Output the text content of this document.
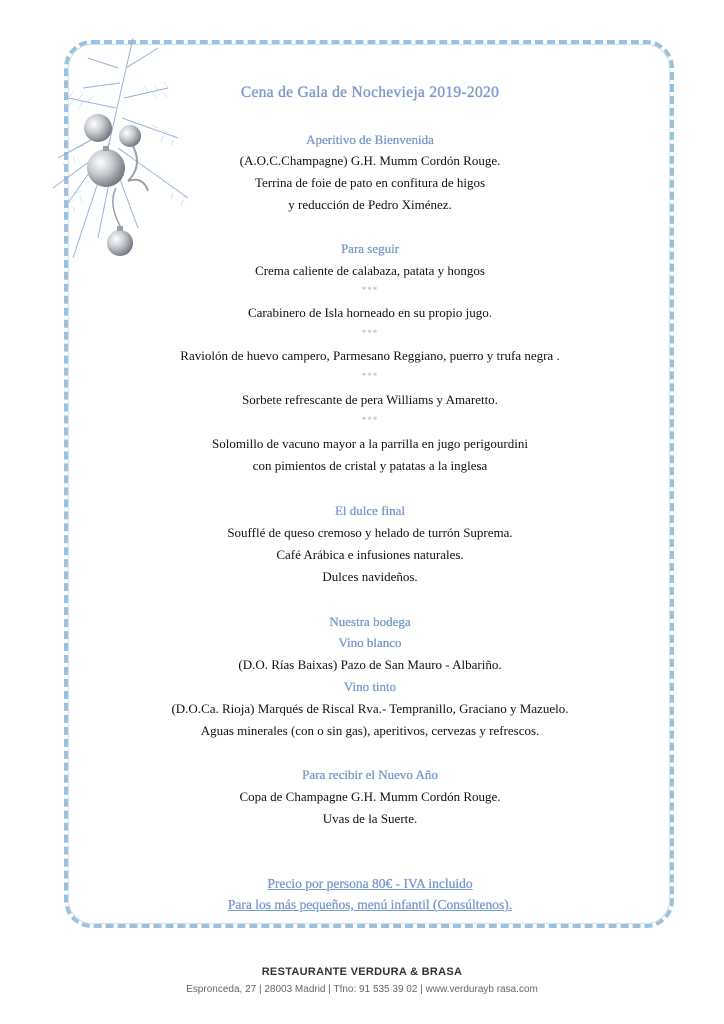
Cena de Gala de Nochevieja 2019-2020
Aperitivo de Bienvenida
(A.O.C.Champagne) G.H. Mumm Cordón Rouge.
Terrina de foie de pato en confitura de higos
y reducción de Pedro Ximénez.
Para seguir
Crema caliente de calabaza, patata y hongos
***
Carabinero de Isla horneado en su propio jugo.
***
Raviolón de huevo campero, Parmesano Reggiano, puerro y trufa negra .
***
Sorbete refrescante de pera Williams y Amaretto.
***
Solomillo de vacuno mayor a la parrilla en jugo perigourdini
con pimientos de cristal y patatas a la inglesa
El dulce final
Soufflé de queso cremoso y helado de turrón Suprema.
Café Arábica e infusiones naturales.
Dulces navideños.
Nuestra bodega
Vino blanco
(D.O. Rías Baixas) Pazo de San Mauro - Albariño.
Vino tinto
(D.O.Ca. Rioja) Marqués de Riscal Rva.- Tempranillo, Graciano y Mazuelo.
Aguas minerales (con o sin gas), aperitivos, cervezas y refrescos.
Para recibir el Nuevo Año
Copa de Champagne G.H. Mumm Cordón Rouge.
Uvas de la Suerte.
Precio por persona 80€ - IVA incluido
Para los más pequeños, menú infantil (Consúltenos).
RESTAURANTE VERDURA & BRASA
Espronceda, 27 | 28003 Madrid | Tfno: 91 535 39 02 | www.verdurayb rasa.com
